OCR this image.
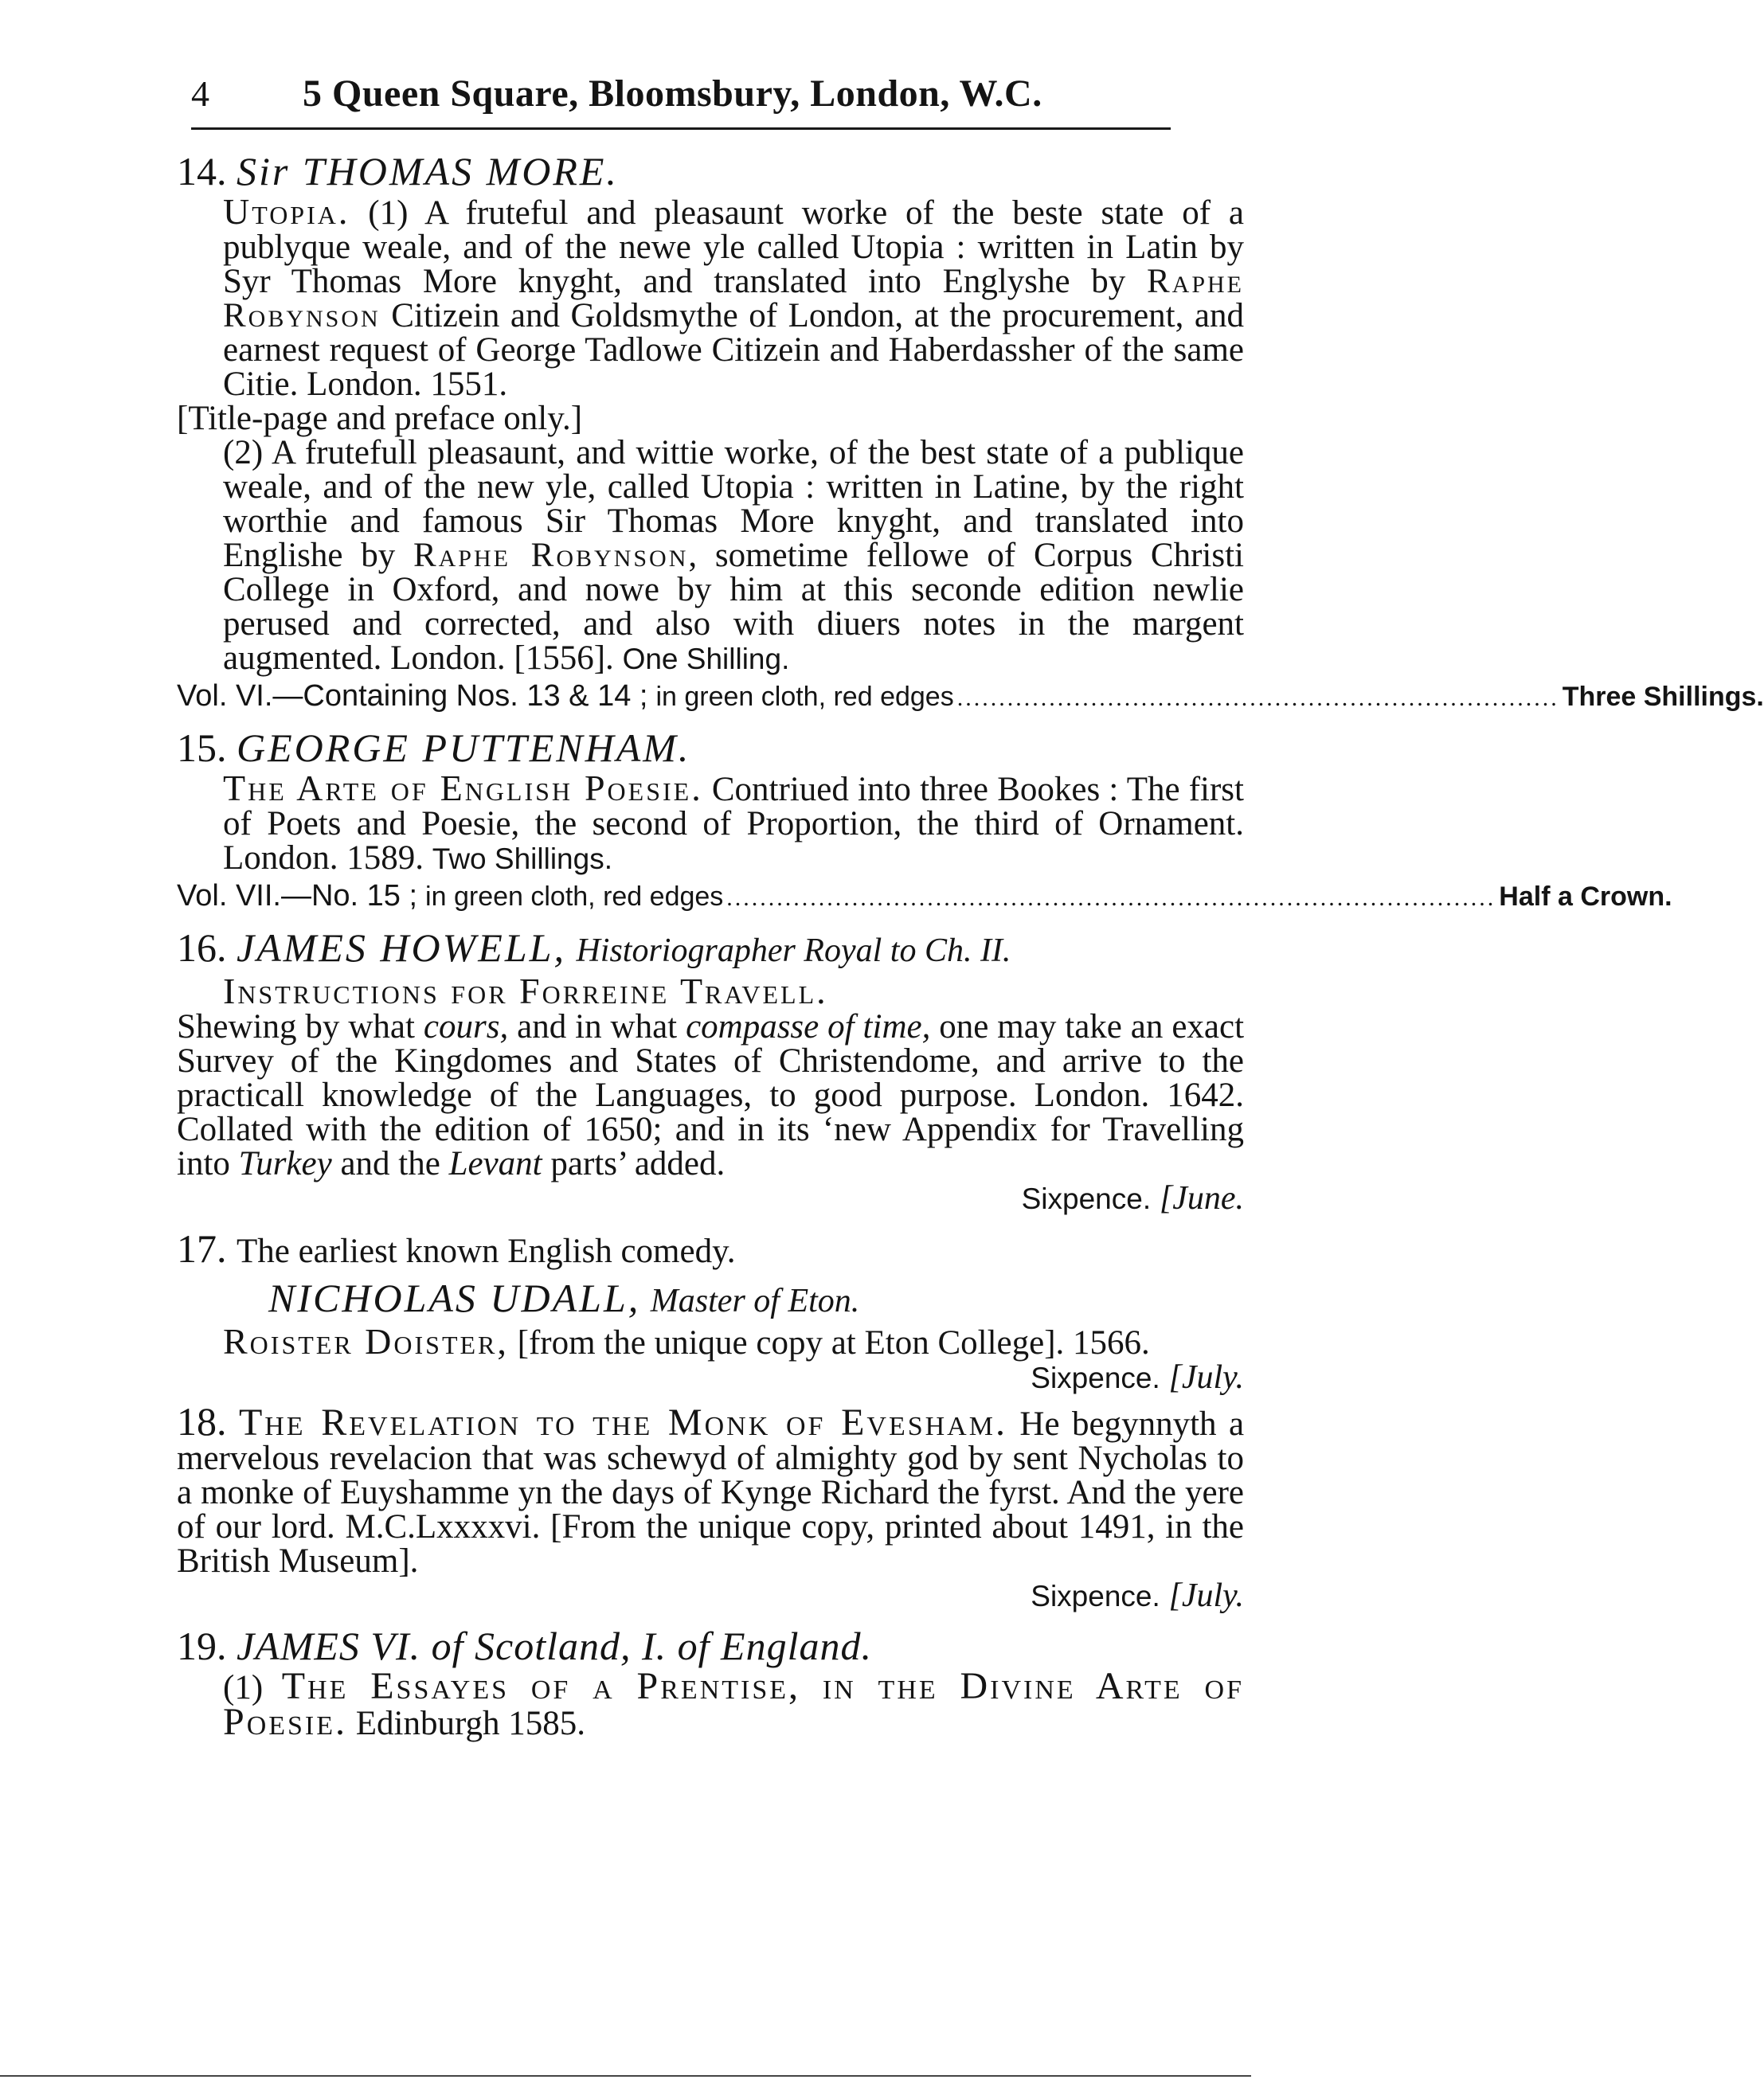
4 5 Queen Square, Bloomsbury, London, W.C.
14. Sir THOMAS MORE.
Utopia. (1) A fruteful and pleasaunt worke of the beste state of a publyque weale, and of the newe yle called Utopia : written in Latin by Syr Thomas More knyght, and translated into Englyshe by Raphe Robynson Citizein and Goldsmythe of London, at the procurement, and earnest request of George Tadlowe Citizein and Haberdassher of the same Citie. London. 1551.
[Title-page and preface only.]
(2) A frutefull pleasaunt, and wittie worke, of the best state of a publique weale, and of the new yle, called Utopia : written in Latine, by the right worthie and famous Sir Thomas More knyght, and translated into Englishe by Raphe Robynson, sometime fellowe of Corpus Christi College in Oxford, and nowe by him at this seconde edition newlie perused and corrected, and also with diuers notes in the margent augmented. London. [1556]. One Shilling.
Vol. VI.—Containing Nos. 13 & 14 ; in green cloth, red edges ........................................................................ Three Shillings.
15. GEORGE PUTTENHAM.
The Arte of English Poesie. Contriued into three Bookes : The first of Poets and Poesie, the second of Proportion, the third of Ornament. London. 1589. Two Shillings.
Vol. VII.—No. 15 ; in green cloth, red edges ............................................................................................ Half a Crown.
16. JAMES HOWELL, Historiographer Royal to Ch. II.
Instructions for Forreine Travell.
Shewing by what cours, and in what compasse of time, one may take an exact Survey of the Kingdomes and States of Christendome, and arrive to the practicall knowledge of the Languages, to good purpose. London. 1642. Collated with the edition of 1650; and in its ‘new Appendix for Travelling into Turkey and the Levant parts’ added.
Sixpence. [June.
17. The earliest known English comedy.
NICHOLAS UDALL, Master of Eton.
Roister Doister, [from the unique copy at Eton College]. 1566.
Sixpence. [July.
18. The Revelation to the Monk of Evesham. He begynnyth a mervelous revelacion that was schewyd of almighty god by sent Nycholas to a monke of Euyshamme yn the days of Kynge Richard the fyrst. And the yere of our lord. M.C.Lxxxxvi. [From the unique copy, printed about 1491, in the British Museum].
Sixpence. [July.
19. JAMES VI. of Scotland, I. of England.
(1) The Essayes of a Prentise, in the Divine Arte of Poesie. Edinburgh 1585.
